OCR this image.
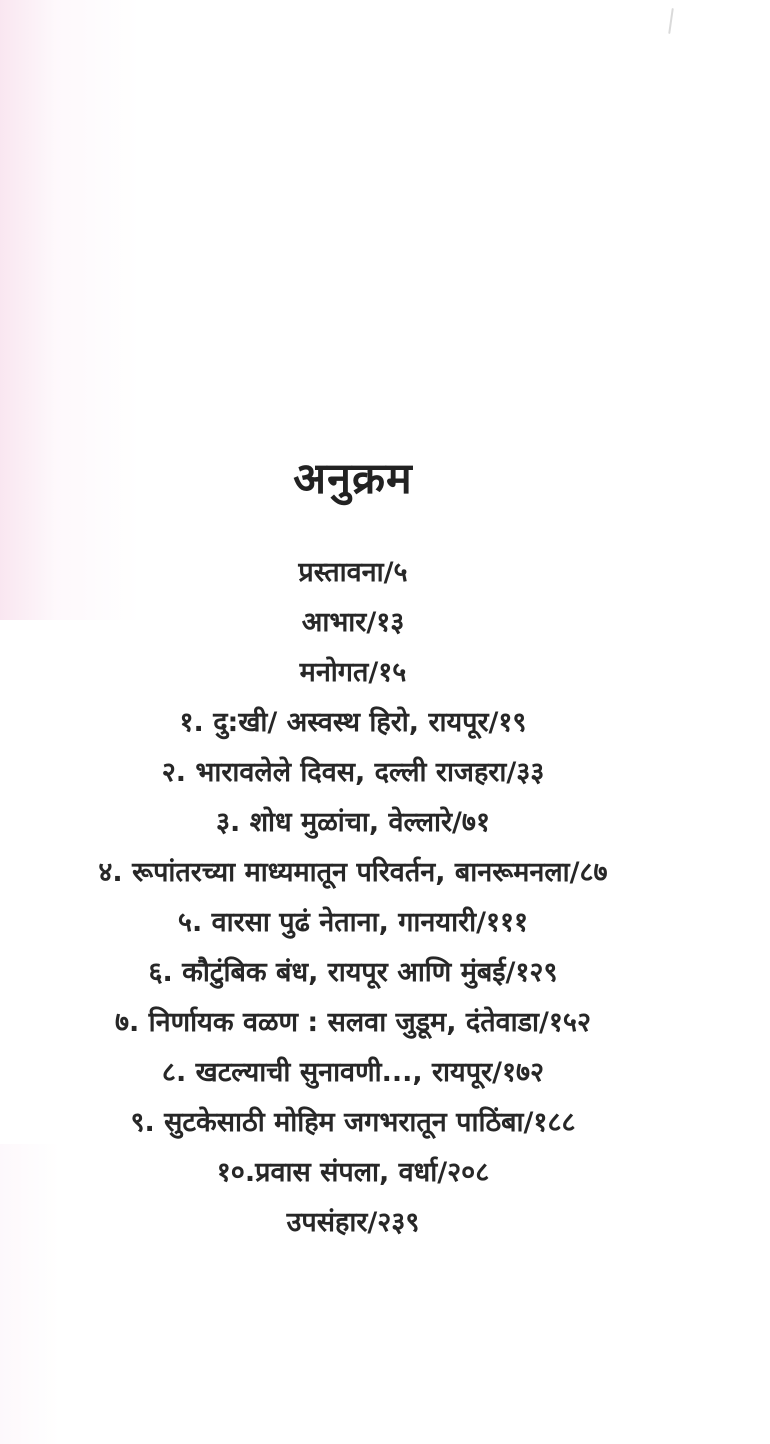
अनुक्रम
प्रस्तावना/५
आभार/१३
मनोगत/१५
१. दु:खी/ अस्वस्थ हिरो, रायपूर/१९
२. भारावलेले दिवस, दल्ली राजहरा/३३
३. शोध मुळांचा, वेल्लारे/७१
४. रूपांतरच्या माध्यमातून परिवर्तन, बानरूमनला/८७
५. वारसा पुढं नेताना, गानयारी/१११
६. कौटुंबिक बंध, रायपूर आणि मुंबई/१२९
७. निर्णायक वळण : सलवा जुडूम, दंतेवाडा/१५२
८. खटल्याची सुनावणी..., रायपूर/१७२
९. सुटकेसाठी मोहिम जगभरातून पाठिंबा/१८८
१०.प्रवास संपला, वर्धा/२०८
उपसंहार/२३९
